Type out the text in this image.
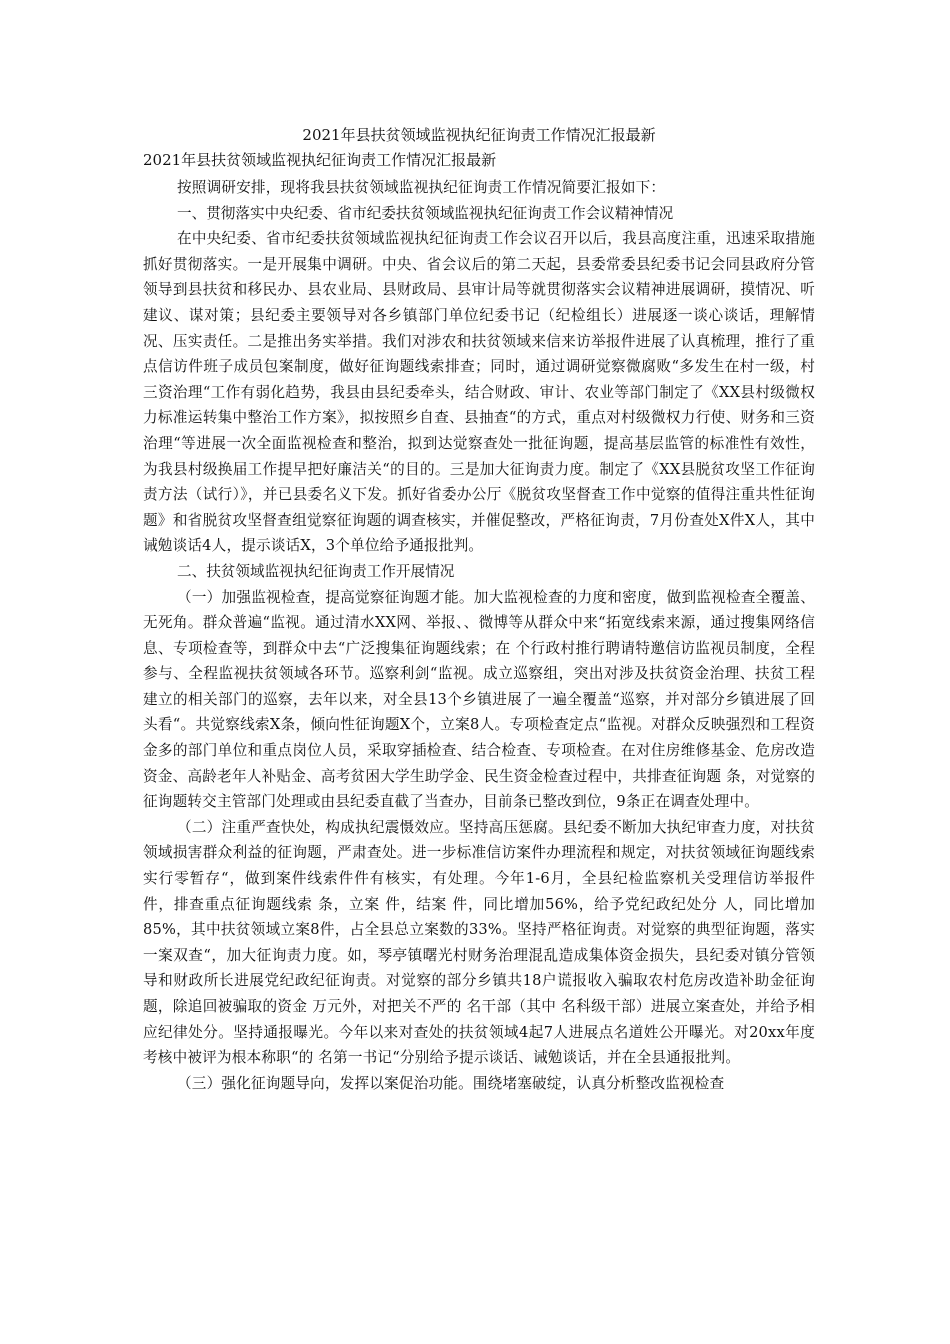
2021年县扶贫领域监视执纪征询责工作情况汇报最新

2021年县扶贫领域监视执纪征询责工作情况汇报最新

按照调研安排，现将我县扶贫领域监视执纪征询责工作情况简要汇报如下：

一、贯彻落实中央纪委、省市纪委扶贫领域监视执纪征询责工作会议精神情况

在中央纪委、省市纪委扶贫领域监视执纪征询责工作会议召开以后，我县高度注重，迅速采取措施抓好贯彻落实。一是开展集中调研。中央、省会议后的第二天起，县委常委县纪委书记会同县政府分管领导到县扶贫和移民办、县农业局、县财政局、县审计局等就贯彻落实会议精神进展调研，摸情况、听建议、谋对策；县纪委主要领导对各乡镇部门单位纪委书记（纪检组长）进展逐一谈心谈话，理解情况、压实责任。二是推出务实举措。我们对涉农和扶贫领域来信来访举报件进展了认真梳理，推行了重点信访件班子成员包案制度，做好征询题线索排查；同时，通过调研觉察微腐败“多发生在村一级，村三资治理“工作有弱化趋势，我县由县纪委牵头，结合财政、审计、农业等部门制定了《XX县村级微权力标准运转集中整治工作方案》，拟按照乡自查、县抽查“的方式，重点对村级微权力行使、财务和三资治理“等进展一次全面监视检查和整治，拟到达觉察查处一批征询题，提高基层监管的标准性有效性，为我县村级换届工作提早把好廉洁关“的目的。三是加大征询责力度。制定了《XX县脱贫攻坚工作征询责方法（试行）》，并已县委名义下发。抓好省委办公厅《脱贫攻坚督查工作中觉察的值得注重共性征询题》和省脱贫攻坚督查组觉察征询题的调查核实，并催促整改，严格征询责，7月份查处X件X人，其中诫勉谈话4人，提示谈话X，3个单位给予通报批判。

二、扶贫领域监视执纪征询责工作开展情况

（一）加强监视检查，提高觉察征询题才能。加大监视检查的力度和密度，做到监视检查全覆盖、无死角。群众普遍“监视。通过清水XX网、举报、、微博等从群众中来“拓宽线索来源，通过搜集网络信息、专项检查等，到群众中去“广泛搜集征询题线索；在 个行政村推行聘请特邀信访监视员制度，全程参与、全程监视扶贫领域各环节。巡察利剑“监视。成立巡察组，突出对涉及扶贫资金治理、扶贫工程建立的相关部门的巡察，去年以来，对全县13个乡镇进展了一遍全覆盖“巡察，并对部分乡镇进展了回头看“。共觉察线索X条，倾向性征询题X个，立案8人。专项检查定点“监视。对群众反映强烈和工程资金多的部门单位和重点岗位人员，采取穿插检查、结合检查、专项检查。在对住房维修基金、危房改造资金、高龄老年人补贴金、高考贫困大学生助学金、民生资金检查过程中，共排查征询题 条，对觉察的征询题转交主管部门处理或由县纪委直截了当查办，目前条已整改到位，9条正在调查处理中。

（二）注重严查快处，构成执纪震慑效应。坚持高压惩腐。县纪委不断加大执纪审查力度，对扶贫领域损害群众利益的征询题，严肃查处。进一步标准信访案件办理流程和规定，对扶贫领域征询题线索实行零暂存“，做到案件线索件件有核实，有处理。今年1-6月，全县纪检监察机关受理信访举报件 件，排查重点征询题线索 条，立案 件，结案 件，同比增加56%，给予党纪政纪处分 人，同比增加85%，其中扶贫领域立案8件，占全县总立案数的33%。坚持严格征询责。对觉察的典型征询题，落实一案双查“，加大征询责力度。如，琴亭镇曙光村财务治理混乱造成集体资金损失，县纪委对镇分管领导和财政所长进展党纪政纪征询责。对觉察的部分乡镇共18户谎报收入骗取农村危房改造补助金征询题，除追回被骗取的资金 万元外，对把关不严的 名干部（其中 名科级干部）进展立案查处，并给予相应纪律处分。坚持通报曝光。今年以来对查处的扶贫领域4起7人进展点名道姓公开曝光。对20xx年度考核中被评为根本称职“的 名第一书记“分别给予提示谈话、诫勉谈话，并在全县通报批判。

（三）强化征询题导向，发挥以案促治功能。围绕堵塞破绽，认真分析整改监视检查
